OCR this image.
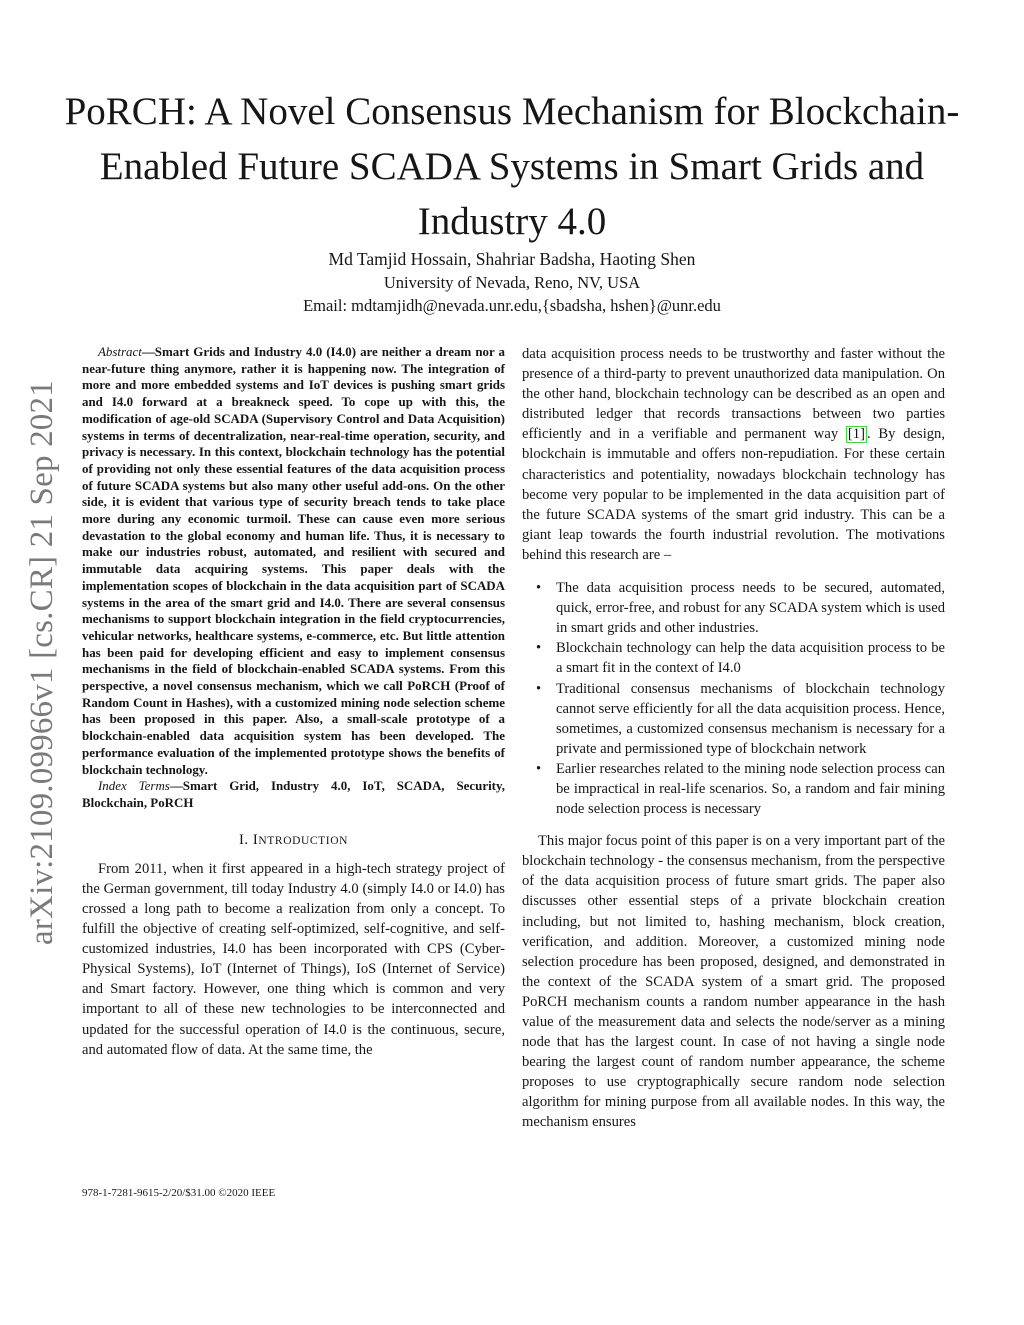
arXiv:2109.09966v1 [cs.CR] 21 Sep 2021
PoRCH: A Novel Consensus Mechanism for Blockchain-Enabled Future SCADA Systems in Smart Grids and Industry 4.0
Md Tamjid Hossain, Shahriar Badsha, Haoting Shen
University of Nevada, Reno, NV, USA
Email: mdtamjidh@nevada.unr.edu,{sbadsha, hshen}@unr.edu

Abstract—Smart Grids and Industry 4.0 (I4.0) are neither a dream nor a near-future thing anymore, rather it is happening now. The integration of more and more embedded systems and IoT devices is pushing smart grids and I4.0 forward at a breakneck speed. To cope up with this, the modification of age-old SCADA (Supervisory Control and Data Acquisition) systems in terms of decentralization, near-real-time operation, security, and privacy is necessary. In this context, blockchain technology has the potential of providing not only these essential features of the data acquisition process of future SCADA systems but also many other useful add-ons. On the other side, it is evident that various type of security breach tends to take place more during any economic turmoil. These can cause even more serious devastation to the global economy and human life. Thus, it is necessary to make our industries robust, automated, and resilient with secured and immutable data acquiring systems. This paper deals with the implementation scopes of blockchain in the data acquisition part of SCADA systems in the area of the smart grid and I4.0. There are several consensus mechanisms to support blockchain integration in the field cryptocurrencies, vehicular networks, healthcare systems, e-commerce, etc. But little attention has been paid for developing efficient and easy to implement consensus mechanisms in the field of blockchain-enabled SCADA systems. From this perspective, a novel consensus mechanism, which we call PoRCH (Proof of Random Count in Hashes), with a customized mining node selection scheme has been proposed in this paper. Also, a small-scale prototype of a blockchain-enabled data acquisition system has been developed. The performance evaluation of the implemented prototype shows the benefits of blockchain technology.

Index Terms—Smart Grid, Industry 4.0, IoT, SCADA, Security, Blockchain, PoRCH

I. INTRODUCTION

From 2011, when it first appeared in a high-tech strategy project of the German government, till today Industry 4.0 (simply I4.0 or I4.0) has crossed a long path to become a realization from only a concept. To fulfill the objective of creating self-optimized, self-cognitive, and self-customized industries, I4.0 has been incorporated with CPS (Cyber-Physical Systems), IoT (Internet of Things), IoS (Internet of Service) and Smart factory. However, one thing which is common and very important to all of these new technologies to be interconnected and updated for the successful operation of I4.0 is the continuous, secure, and automated flow of data. At the same time, the

data acquisition process needs to be trustworthy and faster without the presence of a third-party to prevent unauthorized data manipulation. On the other hand, blockchain technology can be described as an open and distributed ledger that records transactions between two parties efficiently and in a verifiable and permanent way [1] . By design, blockchain is immutable and offers non-repudiation. For these certain characteristics and potentiality, nowadays blockchain technology has become very popular to be implemented in the data acquisition part of the future SCADA systems of the smart grid industry. This can be a giant leap towards the fourth industrial revolution. The motivations behind this research are –

• The data acquisition process needs to be secured, automated, quick, error-free, and robust for any SCADA system which is used in smart grids and other industries.
• Blockchain technology can help the data acquisition process to be a smart fit in the context of I4.0
• Traditional consensus mechanisms of blockchain technology cannot serve efficiently for all the data acquisition process. Hence, sometimes, a customized consensus mechanism is necessary for a private and permissioned type of blockchain network
• Earlier researches related to the mining node selection process can be impractical in real-life scenarios. So, a random and fair mining node selection process is necessary

This major focus point of this paper is on a very important part of the blockchain technology - the consensus mechanism, from the perspective of the data acquisition process of future smart grids. The paper also discusses other essential steps of a private blockchain creation including, but not limited to, hashing mechanism, block creation, verification, and addition. Moreover, a customized mining node selection procedure has been proposed, designed, and demonstrated in the context of the SCADA system of a smart grid. The proposed PoRCH mechanism counts a random number appearance in the hash value of the measurement data and selects the node/server as a mining node that has the largest count. In case of not having a single node bearing the largest count of random number appearance, the scheme proposes to use cryptographically secure random node selection algorithm for mining purpose from all available nodes. In this way, the mechanism ensures

978-1-7281-9615-2/20/$31.00 ©2020 IEEE
